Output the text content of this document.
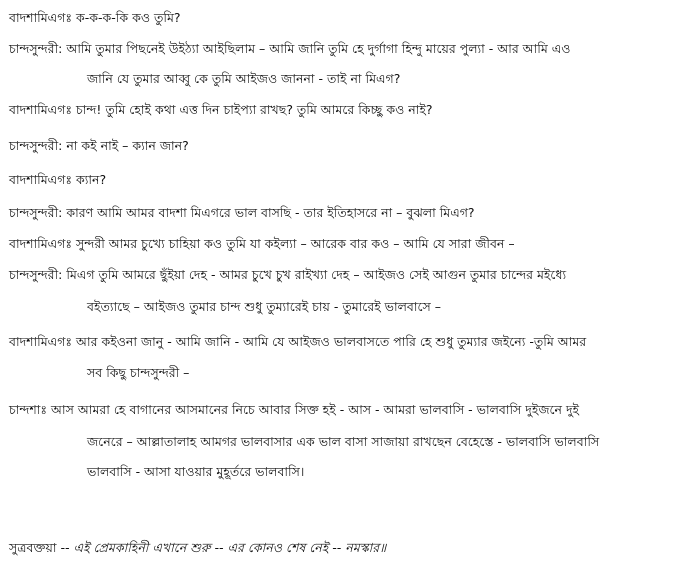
বাদশামিএগঃ ক-ক-ক-কি কও তুমি?
চান্দসুন্দরী: আমি তুমার পিছনেই উইঠ্যা আইছিলাম – আমি জানি তুমি হে দুর্গাগা হিন্দু মায়ের পুল্যা - আর আমি এও
জানি যে তুমার আব্বু কে তুমি আইজও জাননা - তাই না মিএগ?
বাদশামিএগঃ চান্দ! তুমি হোই কথা এত্ত দিন চাইপ্যা রাখছ? তুমি আমরে কিচ্ছু কও নাই?
চান্দসুন্দরী: না কই নাই – ক্যান জান?
বাদশামিএগঃ ক্যান?
চান্দসুন্দরী: কারণ আমি আমর বাদশা মিএগরে ভাল বাসছি - তার ইতিহাসরে না – বুঝলা মিএগ?
বাদশামিএগঃ সুন্দরী আমর চুখ্যে চাহিয়া কও তুমি যা কইল্যা – আরেক বার কও – আমি যে সারা জীবন –
চান্দসুন্দরী: মিএগ তুমি আমরে ছুঁইয়া দেহ - আমর চুখে চুখ রাইখ্যা দেহ – আইজও সেই আগুন তুমার চান্দের মইধ্যে
বইত্যাছে – আইজও তুমার চান্দ শুধু তুম্যারেই চায় - তুমারেই ভালবাসে –
বাদশামিএগঃ আর কইওনা জানু - আমি জানি - আমি যে আইজও ভালবাসতে পারি হে শুধু তুম্যার জইন্যে -তুমি আমর
সব কিছু চান্দসুন্দরী –
চান্দশাঃ আস আমরা হে বাগানের আসমানের নিচে আবার সিক্ত হই - আস - আমরা ভালবাসি - ভালবাসি দুইজনে দুই
জনেরে – আল্লাতালাহ আমগর ভালবাসার এক ভাল বাসা সাজায়া রাখছেন বেহেস্তে - ভালবাসি ভালবাসি
ভালবাসি - আসা যাওয়ার মুহূর্তরে ভালবাসি।
সুত্রবক্তয়া -- এই প্রেমকাহিনী এখানে শুরু -- এর কোনও শেষ নেই -- নমস্কার॥
